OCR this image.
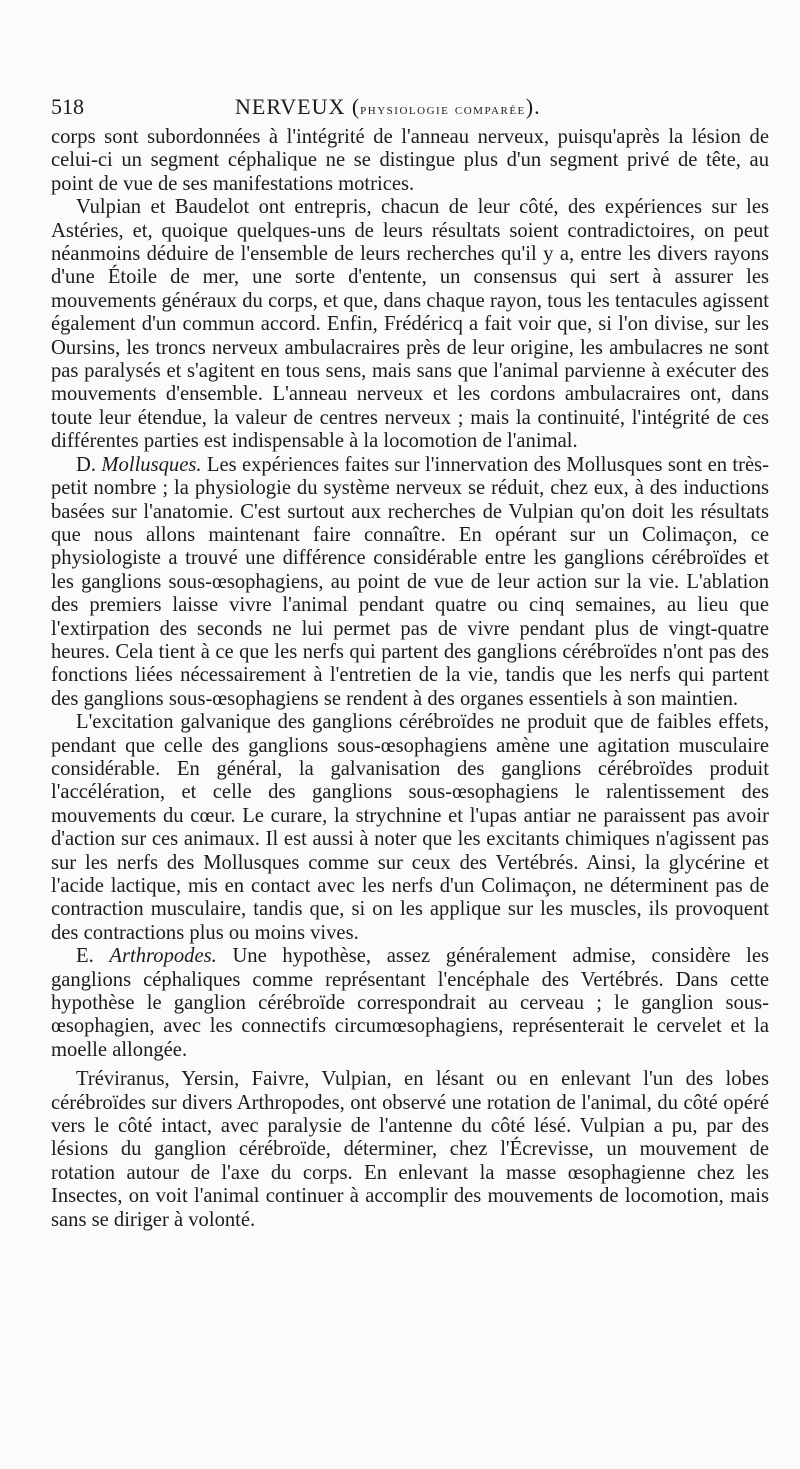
518	NERVEUX (physiologie comparée).

corps sont subordonnées à l'intégrité de l'anneau nerveux, puisqu'après la lésion de celui-ci un segment céphalique ne se distingue plus d'un segment privé de tête, au point de vue de ses manifestations motrices.

Vulpian et Baudelot ont entrepris, chacun de leur côté, des expériences sur les Astéries, et, quoique quelques-uns de leurs résultats soient contradictoires, on peut néanmoins déduire de l'ensemble de leurs recherches qu'il y a, entre les divers rayons d'une Étoile de mer, une sorte d'entente, un consensus qui sert à assurer les mouvements généraux du corps, et que, dans chaque rayon, tous les tentacules agissent également d'un commun accord. Enfin, Frédéricq a fait voir que, si l'on divise, sur les Oursins, les troncs nerveux ambulacraires près de leur origine, les ambulacres ne sont pas paralysés et s'agitent en tous sens, mais sans que l'animal parvienne à exécuter des mouvements d'ensemble. L'anneau nerveux et les cordons ambulacraires ont, dans toute leur étendue, la valeur de centres nerveux ; mais la continuité, l'intégrité de ces différentes parties est indispensable à la locomotion de l'animal.

D. Mollusques. Les expériences faites sur l'innervation des Mollusques sont en très-petit nombre ; la physiologie du système nerveux se réduit, chez eux, à des inductions basées sur l'anatomie. C'est surtout aux recherches de Vulpian qu'on doit les résultats que nous allons maintenant faire connaître. En opérant sur un Colimaçon, ce physiologiste a trouvé une différence considérable entre les ganglions cérébroïdes et les ganglions sous-œsophagiens, au point de vue de leur action sur la vie. L'ablation des premiers laisse vivre l'animal pendant quatre ou cinq semaines, au lieu que l'extirpation des seconds ne lui permet pas de vivre pendant plus de vingt-quatre heures. Cela tient à ce que les nerfs qui partent des ganglions cérébroïdes n'ont pas des fonctions liées nécessairement à l'entretien de la vie, tandis que les nerfs qui partent des ganglions sous-œsophagiens se rendent à des organes essentiels à son maintien.

L'excitation galvanique des ganglions cérébroïdes ne produit que de faibles effets, pendant que celle des ganglions sous-œsophagiens amène une agitation musculaire considérable. En général, la galvanisation des ganglions cérébroïdes produit l'accélération, et celle des ganglions sous-œsophagiens le ralentissement des mouvements du cœur. Le curare, la strychnine et l'upas antiar ne paraissent pas avoir d'action sur ces animaux. Il est aussi à noter que les excitants chimiques n'agissent pas sur les nerfs des Mollusques comme sur ceux des Vertébrés. Ainsi, la glycérine et l'acide lactique, mis en contact avec les nerfs d'un Colimaçon, ne déterminent pas de contraction musculaire, tandis que, si on les applique sur les muscles, ils provoquent des contractions plus ou moins vives.

E. Arthropodes. Une hypothèse, assez généralement admise, considère les ganglions céphaliques comme représentant l'encéphale des Vertébrés. Dans cette hypothèse le ganglion cérébroïde correspondrait au cerveau ; le ganglion sous-œsophagien, avec les connectifs circumœsophagiens, représenterait le cervelet et la moelle allongée.

Tréviranus, Yersin, Faivre, Vulpian, en lésant ou en enlevant l'un des lobes cérébroïdes sur divers Arthropodes, ont observé une rotation de l'animal, du côté opéré vers le côté intact, avec paralysie de l'antenne du côté lésé. Vulpian a pu, par des lésions du ganglion cérébroïde, déterminer, chez l'Écrevisse, un mouvement de rotation autour de l'axe du corps. En enlevant la masse œsophagienne chez les Insectes, on voit l'animal continuer à accomplir des mouvements de locomotion, mais sans se diriger à volonté.
